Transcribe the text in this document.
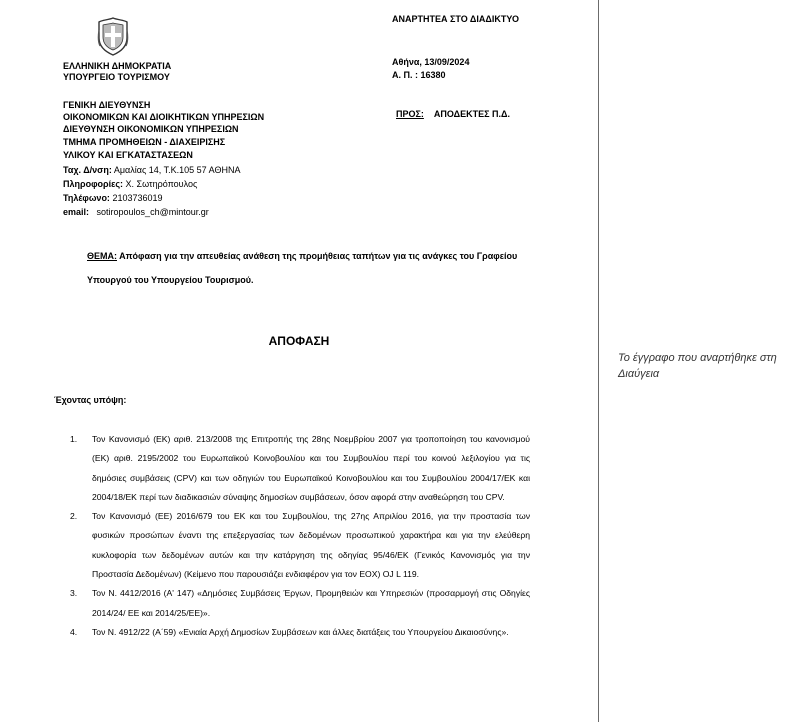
ΑΝΑΡΤΗΤΕΑ ΣΤΟ ΔΙΑΔΙΚΤΥΟ
ΕΛΛΗΝΙΚΗ ΔΗΜΟΚΡΑΤΙΑ
ΥΠΟΥΡΓΕΙΟ ΤΟΥΡΙΣΜΟΥ
Αθήνα, 13/09/2024
Α. Π. : 16380
ΠΡΟΣ: ΑΠΟΔΕΚΤΕΣ Π.Δ.
ΓΕΝΙΚΗ ΔΙΕΥΘΥΝΣΗ
ΟΙΚΟΝΟΜΙΚΩΝ ΚΑΙ ΔΙΟΙΚΗΤΙΚΩΝ ΥΠΗΡΕΣΙΩΝ
ΔΙΕΥΘΥΝΣΗ ΟΙΚΟΝΟΜΙΚΩΝ ΥΠΗΡΕΣΙΩΝ
ΤΜΗΜΑ ΠΡΟΜΗΘΕΙΩΝ - ΔΙΑΧΕΙΡΙΣΗΣ
ΥΛΙΚΟΥ ΚΑΙ ΕΓΚΑΤΑΣΤΑΣΕΩΝ
Ταχ. Δ/νση: Αμαλίας 14, Τ.Κ.105 57 ΑΘΗΝΑ
Πληροφορίες: Χ. Σωτηρόπουλος
Τηλέφωνο: 2103736019
email: sotiropoulos_ch@mintour.gr
ΘΕΜΑ: Απόφαση για την απευθείας ανάθεση της προμήθειας ταπήτων για τις ανάγκες του Γραφείου Υπουργού του Υπουργείου Τουρισμού.
ΑΠΟΦΑΣΗ
Έχοντας υπόψη:
1. Τον Κανονισμό (ΕΚ) αριθ. 213/2008 της Επιτροπής της 28ης Νοεμβρίου 2007 για τροποποίηση του κανονισμού (ΕΚ) αριθ. 2195/2002 του Ευρωπαϊκού Κοινοβουλίου και του Συμβουλίου περί του κοινού λεξιλογίου για τις δημόσιες συμβάσεις (CPV) και των οδηγιών του Ευρωπαϊκού Κοινοβουλίου και του Συμβουλίου 2004/17/ΕΚ και 2004/18/ΕΚ περί των διαδικασιών σύναψης δημοσίων συμβάσεων, όσον αφορά στην αναθεώρηση του CPV.
2. Τον Κανονισμό (ΕΕ) 2016/679 του ΕΚ και του Συμβουλίου, της 27ης Απριλίου 2016, για την προστασία των φυσικών προσώπων έναντι της επεξεργασίας των δεδομένων προσωπικού χαρακτήρα και για την ελεύθερη κυκλοφορία των δεδομένων αυτών και την κατάργηση της οδηγίας 95/46/ΕΚ (Γενικός Κανονισμός για την Προστασία Δεδομένων) (Κείμενο που παρουσιάζει ενδιαφέρον για τον ΕΟΧ) OJ L 119.
3. Τον Ν. 4412/2016 (Α' 147) «Δημόσιες Συμβάσεις Έργων, Προμηθειών και Υπηρεσιών (προσαρμογή στις Οδηγίες 2014/24/ ΕΕ και 2014/25/ΕΕ)».
4. Τον Ν. 4912/22 (Α΄59) «Ενιαία Αρχή Δημοσίων Συμβάσεων και άλλες διατάξεις του Υπουργείου Δικαιοσύνης».
Το έγγραφο που αναρτήθηκε στη Διαύγεια
